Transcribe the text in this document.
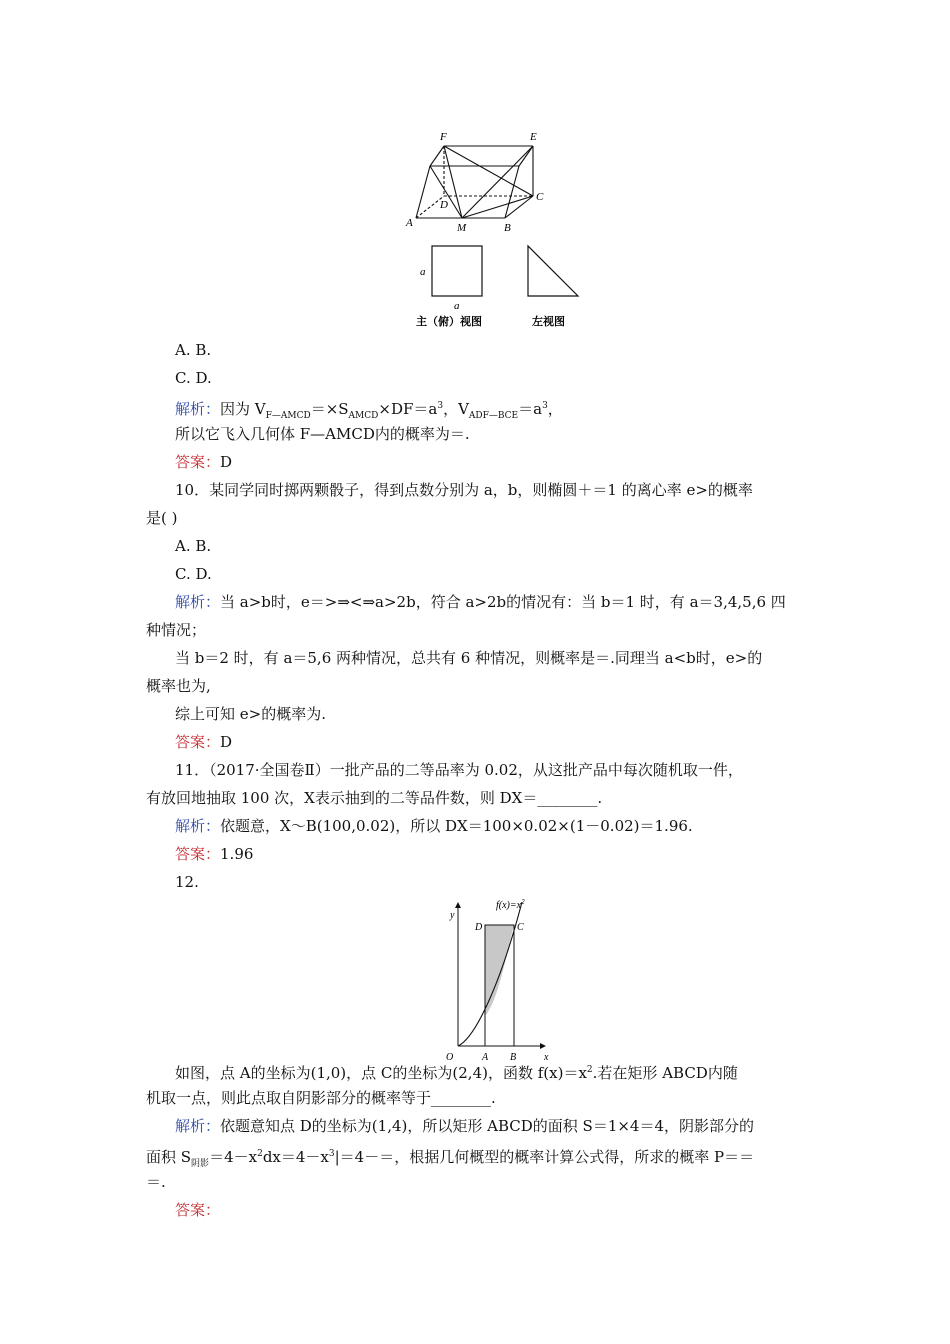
F	E
C
D
A	M	B
a
a
主（俯）视图	左视图
A. B.
C. D.
解析：因为 $V_{F—AMCD}=\times S_{AMCD}\times DF=a^3$，$V_{ADF—BCE}=a^3$，
所以它飞入几何体 F—AMCD内的概率为＝.
答案：D
10．某同学同时掷两颗骰子，得到点数分别为 a，b，则椭圆＋＝1 的离心率 e>的概率
是( )
A. B.
C. D.
解析：当 a>b时，e＝>⇒<⇒a>2b，符合 a>2b的情况有：当 b＝1 时，有 a＝3,4,5,6 四
种情况；
当 b＝2 时，有 a＝5,6 两种情况，总共有 6 种情况，则概率是＝.同理当 a<b时，e>的
概率也为,
综上可知 e>的概率为.
答案：D
11．（2017·全国卷Ⅱ）一批产品的二等品率为 0.02，从这批产品中每次随机取一件，
有放回地抽取 100 次，X表示抽到的二等品件数，则 DX＝________.
解析：依题意，X～B(100,0.02)，所以 DX＝100×0.02×(1－0.02)＝1.96.
答案：1.96
12.
$f(x)=x^2$
y
x
O	A B
C
D
如图，点 A的坐标为(1,0)，点 C的坐标为(2,4)，函数 $f(x)=x^2$.若在矩形 ABCD内随
机取一点，则此点取自阴影部分的概率等于________.
解析：依题意知点 D的坐标为(1,4)，所以矩形 ABCD的面积 S＝1×4＝4，阴影部分的
面积 $S_{阴影}=4-x^2dx=4-x^3|=4-=$，根据几何概型的概率计算公式得，所求的概率 P＝＝
＝.
答案：
